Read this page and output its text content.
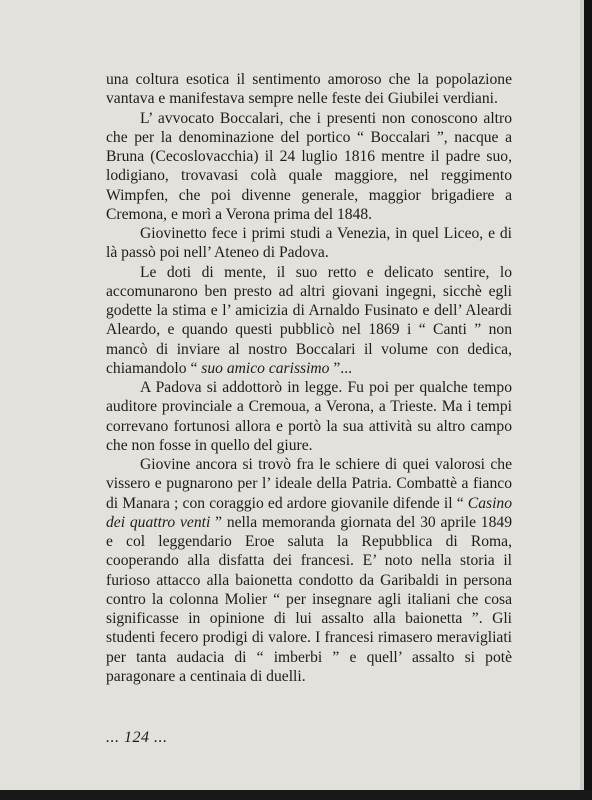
una coltura esotica il sentimento amoroso che la popolazione vantava e manifestava sempre nelle feste dei Giubilei verdiani.

L’ avvocato Boccalari, che i presenti non conoscono altro che per la denominazione del portico “ Boccalari ”, nacque a Bruna (Cecoslovacchia) il 24 luglio 1816 mentre il padre suo, lodigiano, trovavasi colà quale maggiore, nel reggimento Wimpfen, che poi divenne generale, maggior brigadiere a Cremona, e morì a Verona prima del 1848.

Giovinetto fece i primi studi a Venezia, in quel Liceo, e di là passò poi nell’ Ateneo di Padova.

Le doti di mente, il suo retto e delicato sentire, lo accomunarono ben presto ad altri giovani ingegni, sicchè egli godette la stima e l’ amicizia di Arnaldo Fusinato e dell’ Aleardi Aleardo, e quando questi pubblicò nel 1869 i “ Canti ” non mancò di inviare al nostro Boccalari il volume con dedica, chiamandolo “ suo amico carissimo ”...

A Padova si addottorò in legge. Fu poi per qualche tempo auditore provinciale a Cremoua, a Verona, a Trieste. Ma i tempi correvano fortunosi allora e portò la sua attività su altro campo che non fosse in quello del giure.

Giovine ancora si trovò fra le schiere di quei valorosi che vissero e pugnarono per l’ ideale della Patria. Combattè a fianco di Manara ; con coraggio ed ardore giovanile difende il “ Casino dei quattro venti ” nella memoranda giornata del 30 aprile 1849 e col leggendario Eroe saluta la Repubblica di Roma, cooperando alla disfatta dei francesi. E’ noto nella storia il furioso attacco alla baionetta condotto da Garibaldi in persona contro la colonna Molier “ per insegnare agli italiani che cosa significasse in opinione di lui assalto alla baionetta ”. Gli studenti fecero prodigi di valore. I francesi rimasero meravigliati per tanta audacia di “ imberbi ” e quell’ assalto si potè paragonare a centinaia di duelli.

... 124 ...
